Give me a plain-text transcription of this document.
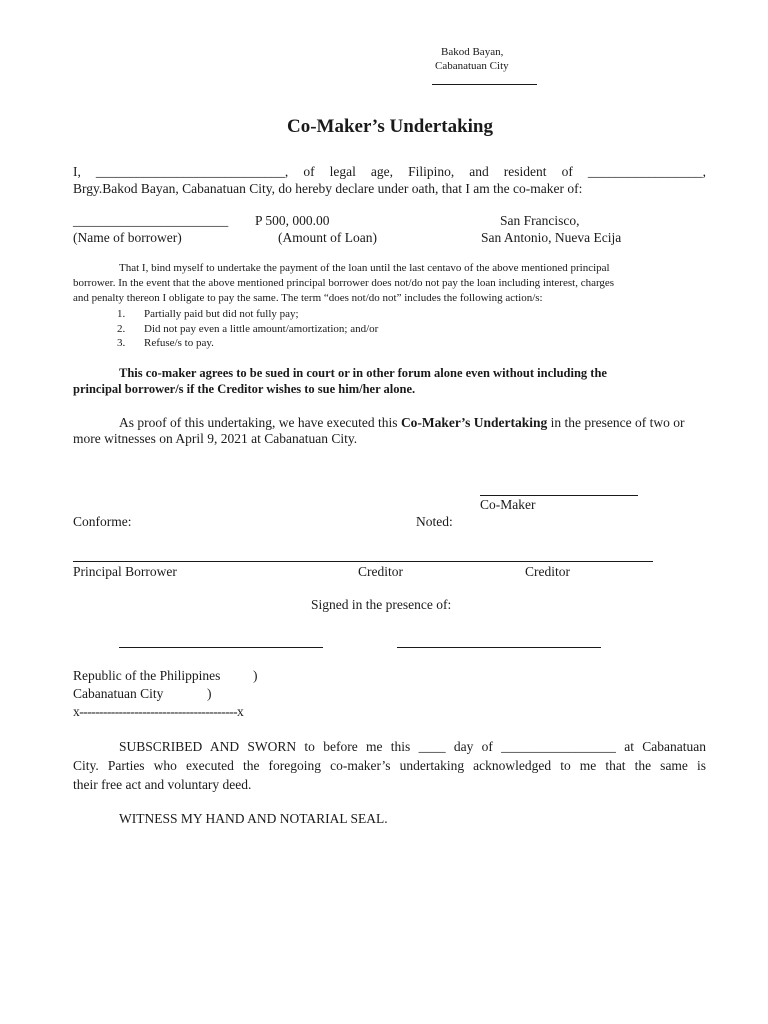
Bakod Bayan,
Cabanatuan City
Co-Maker’s Undertaking
I, ____________________________, of legal age, Filipino, and resident of _________________,
Brgy.Bakod Bayan, Cabanatuan City, do hereby declare under oath, that I am the co-maker of:
_______________________ P 500, 000.00	San Francisco,
(Name of borrower)	(Amount of Loan)	San Antonio, Nueva Ecija
That I, bind myself to undertake the payment of the loan until the last centavo of the above mentioned principal
borrower. In the event that the above mentioned principal borrower does not/do not pay the loan including interest, charges
and penalty thereon I obligate to pay the same. The term “does not/do not” includes the following action/s:
1. Partially paid but did not fully pay;
2. Did not pay even a little amount/amortization; and/or
3. Refuse/s to pay.
This co-maker agrees to be sued in court or in other forum alone even without including the
principal borrower/s if the Creditor wishes to sue him/her alone.
As proof of this undertaking, we have executed this Co-Maker’s Undertaking in the presence of two or
more witnesses on April 9, 2021 at Cabanatuan City.
Co-Maker
Conforme:	Noted:
Principal Borrower	Creditor	Creditor
Signed in the presence of:
Republic of the Philippines )
Cabanatuan City	)
x----------------------------------------x
SUBSCRIBED AND SWORN to before me this ____ day of _________________ at Cabanatuan
City. Parties who executed the foregoing co-maker’s undertaking acknowledged to me that the same is
their free act and voluntary deed.
WITNESS MY HAND AND NOTARIAL SEAL.
